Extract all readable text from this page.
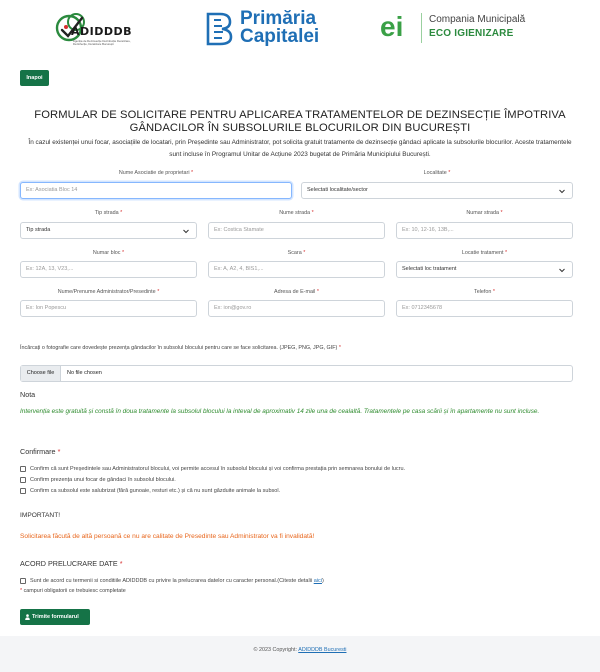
ADIDDDB
Agenția de Dezinsecție Dezinfecție Deratizare, Dezinfecție, Deratizare București
Primăria
Capitalei ei	Compania Municipală
ECO IGIENIZARE
Inapoi
FORMULAR DE SOLICITARE PENTRU APLICAREA TRATAMENTELOR DE DEZINSECȚIE ÎMPOTRIVA GÂNDACILOR ÎN SUBSOLURILE BLOCURILOR DIN BUCUREȘTI
În cazul existenței unui focar, asociațiile de locatari, prin Președinte sau Administrator, pot solicita gratuit tratamente de dezinsecție gândaci aplicate la subsolurile blocurilor. Aceste tratamentele sunt incluse în Programul Unitar de Acțiune 2023 bugetat de Primăria Municipiului București.
Nume Asociatie de proprietari *
Ex: Asociatia Bloc 14
Localitate *
Selectati localitate/sector
Tip strada *
Tip strada
Nume strada *
Ex: Costica Stamate
Numar strada *
Ex: 10, 12-16, 13B,...
Numar bloc *
Ex: 12A, 13, V23,...
Scara *
Ex: A, A2, 4, BIS1,...
Locatie tratament *
Selectati loc tratament
Nume/Prenume Administrator/Presedinte *
Ex: Ion Popescu
Adresa de E-mail *
Ex: ion@gov.ro
Telefon *
Ex: 0712345678
Încărcați o fotografie care dovedește prezența gândacilor în subsolul blocului pentru care se face solicitarea. (JPEG, PNG, JPG, GIF) *
Choose file	No file chosen
Nota
Intervenția este gratuită și constă în doua tratamente la subsolul blocului la inteval de aproximativ 14 zile una de cealaltă. Tratamentele pe casa scării și în apartamente nu sunt incluse.
Confirmare *
Confirm că sunt Președintele sau Administratorul blocului, voi permite accesul în subsolul blocului și voi confirma prestația prin semnarea bonului de lucru.
Confirm prezența unui focar de gândaci în subsolul blocului.
Confirm ca subsolul este salubrizat (fără gunoaie, resturi etc.) și că nu sunt găzduite animale la subsol.
IMPORTANT!
Solicitarea făcută de altă persoană ce nu are calitate de Presedinte sau Administrator va fi invalidată!
ACORD PRELUCRARE DATE *
Sunt de acord cu termenii si conditiile ADIDDDB cu privire la prelucrarea datelor cu caracter personal.(Citeste detalii aici)
* campuri obligatorii ce trebuiesc completate
Trimite formularul
© 2023 Copyright: ADIDDDB Bucuresti
